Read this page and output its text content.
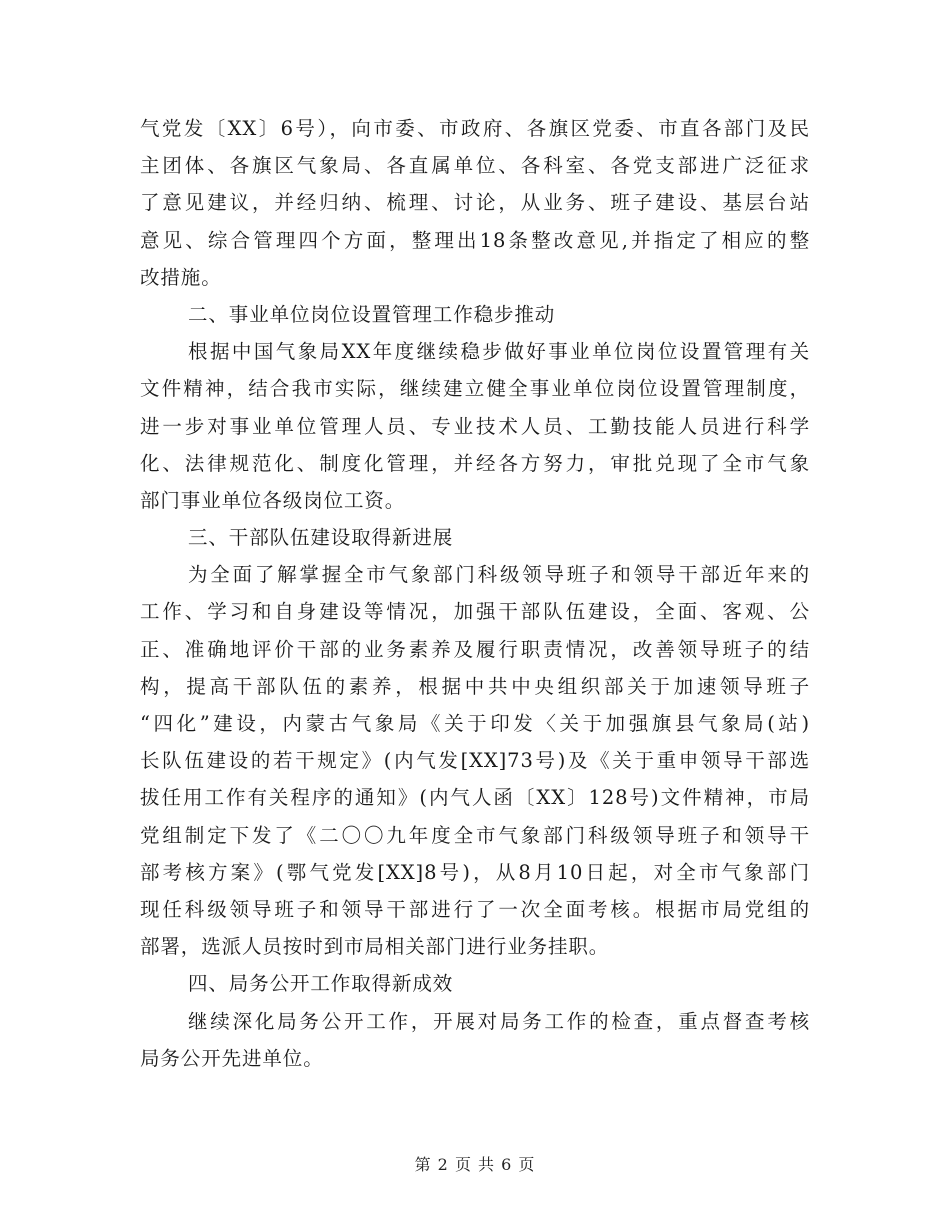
气党发〔XX〕6号），向市委、市政府、各旗区党委、市直各部门及民
主团体、各旗区气象局、各直属单位、各科室、各党支部进广泛征求
了意见建议，并经归纳、梳理、讨论，从业务、班子建设、基层台站
意见、综合管理四个方面，整理出18条整改意见,并指定了相应的整
改措施。
二、事业单位岗位设置管理工作稳步推动
根据中国气象局XX年度继续稳步做好事业单位岗位设置管理有关
文件精神，结合我市实际，继续建立健全事业单位岗位设置管理制度，
进一步对事业单位管理人员、专业技术人员、工勤技能人员进行科学
化、法律规范化、制度化管理，并经各方努力，审批兑现了全市气象
部门事业单位各级岗位工资。
三、干部队伍建设取得新进展
为全面了解掌握全市气象部门科级领导班子和领导干部近年来的
工作、学习和自身建设等情况，加强干部队伍建设，全面、客观、公
正、准确地评价干部的业务素养及履行职责情况，改善领导班子的结
构，提高干部队伍的素养，根据中共中央组织部关于加速领导班子
“四化”建设，内蒙古气象局《关于印发〈关于加强旗县气象局(站)
长队伍建设的若干规定》(内气发[XX]73号)及《关于重申领导干部选
拔任用工作有关程序的通知》(内气人函〔XX〕128号)文件精神，市局
党组制定下发了《二〇〇九年度全市气象部门科级领导班子和领导干
部考核方案》(鄂气党发[XX]8号)，从8月10日起，对全市气象部门
现任科级领导班子和领导干部进行了一次全面考核。根据市局党组的
部署，选派人员按时到市局相关部门进行业务挂职。
四、局务公开工作取得新成效
继续深化局务公开工作，开展对局务工作的检查，重点督查考核
局务公开先进单位。
第 2 页 共 6 页
